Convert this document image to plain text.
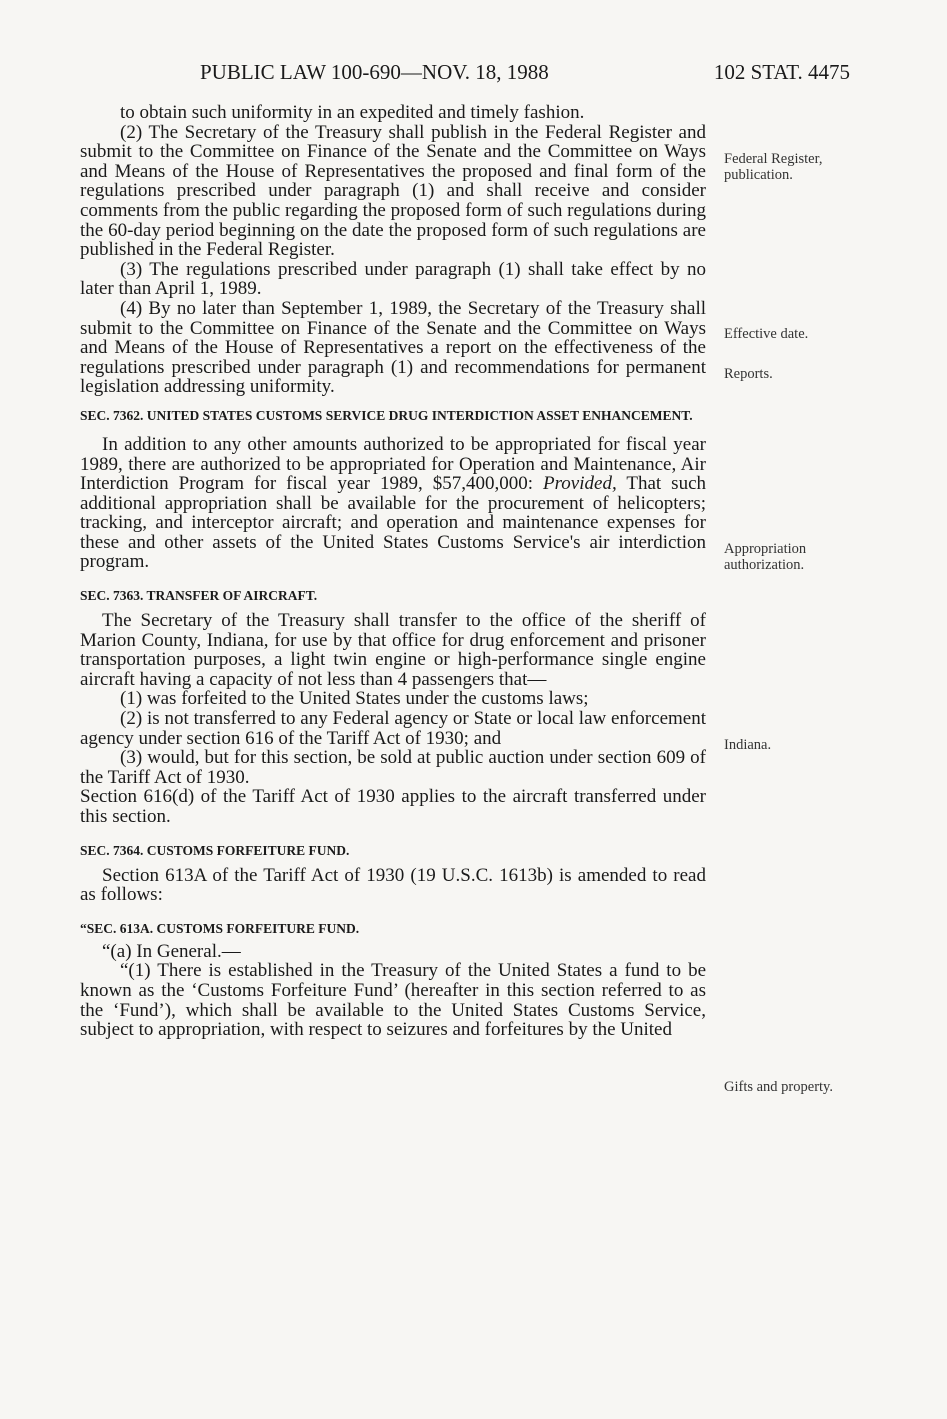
PUBLIC LAW 100-690—NOV. 18, 1988	102 STAT. 4475

to obtain such uniformity in an expedited and timely fashion.

(2) The Secretary of the Treasury shall publish in the Federal Register and submit to the Committee on Finance of the Senate and the Committee on Ways and Means of the House of Representatives the proposed and final form of the regulations prescribed under paragraph (1) and shall receive and consider comments from the public regarding the proposed form of such regulations during the 60-day period beginning on the date the proposed form of such regulations are published in the Federal Register.

(3) The regulations prescribed under paragraph (1) shall take effect by no later than April 1, 1989.

(4) By no later than September 1, 1989, the Secretary of the Treasury shall submit to the Committee on Finance of the Senate and the Committee on Ways and Means of the House of Representatives a report on the effectiveness of the regulations prescribed under paragraph (1) and recommendations for permanent legislation addressing uniformity.

SEC. 7362. UNITED STATES CUSTOMS SERVICE DRUG INTERDICTION ASSET ENHANCEMENT.

In addition to any other amounts authorized to be appropriated for fiscal year 1989, there are authorized to be appropriated for Operation and Maintenance, Air Interdiction Program for fiscal year 1989, $57,400,000: Provided, That such additional appropriation shall be available for the procurement of helicopters; tracking, and interceptor aircraft; and operation and maintenance expenses for these and other assets of the United States Customs Service's air interdiction program.

SEC. 7363. TRANSFER OF AIRCRAFT.

The Secretary of the Treasury shall transfer to the office of the sheriff of Marion County, Indiana, for use by that office for drug enforcement and prisoner transportation purposes, a light twin engine or high-performance single engine aircraft having a capacity of not less than 4 passengers that—

(1) was forfeited to the United States under the customs laws;

(2) is not transferred to any Federal agency or State or local law enforcement agency under section 616 of the Tariff Act of 1930; and

(3) would, but for this section, be sold at public auction under section 609 of the Tariff Act of 1930.

Section 616(d) of the Tariff Act of 1930 applies to the aircraft transferred under this section.

SEC. 7364. CUSTOMS FORFEITURE FUND.

Section 613A of the Tariff Act of 1930 (19 U.S.C. 1613b) is amended to read as follows:

“SEC. 613A. CUSTOMS FORFEITURE FUND.

“(a) In General.—

“(1) There is established in the Treasury of the United States a fund to be known as the ‘Customs Forfeiture Fund’ (hereafter in this section referred to as the ‘Fund’), which shall be available to the United States Customs Service, subject to appropriation, with respect to seizures and forfeitures by the United

Federal Register, publication.
Effective date.
Reports.
Appropriation authorization.
Indiana.
Gifts and property.
